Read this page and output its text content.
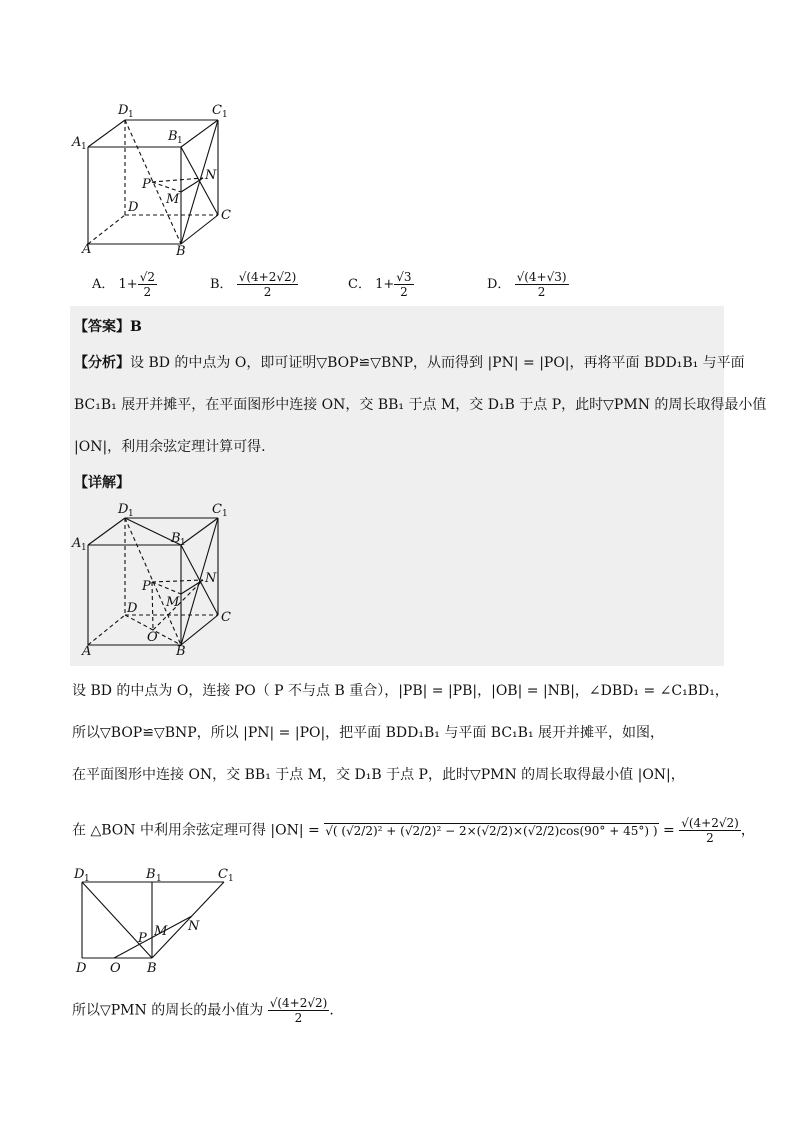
D 1	C 1
A 1
B 1
P
N
M
D
C
A	B
A． $1+ \frac{√2}{2}$	B． $\frac{√(4+2√2)}{2}$	C． $1+ \frac{√3}{2}$	D． $\frac{√(4+√3)}{2}$
【答案】B
【分析】设 BD 的中点为 O，即可证明▽BOP≌▽BNP，从而得到 |PN| = |PO|，再将平面 BDD₁B₁ 与平面
BC₁B₁ 展开并摊平，在平面图形中连接 ON，交 BB₁ 于点 M，交 D₁B 于点 P，此时▽PMN 的周长取得最小值
|ON|，利用余弦定理计算可得.
【详解】
D 1	C 1
A 1
B 1
P
N
M
D
C
O
A	B
设 BD 的中点为 O，连接 PO（ P 不与点 B 重合），|PB| = |PB|，|OB| = |NB|，∠DBD₁ = ∠C₁BD₁，
所以▽BOP≌▽BNP，所以 |PN| = |PO|，把平面 BDD₁B₁ 与平面 BC₁B₁ 展开并摊平，如图，
在平面图形中连接 ON，交 BB₁ 于点 M，交 D₁B 于点 P，此时▽PMN 的周长取得最小值 |ON|，
在 △BON 中利用余弦定理可得 |ON| = √( (√2/2)² + (√2/2)² − 2×(√2/2)×(√2/2)cos(90° + 45°) ) = $\frac{√(4+2√2)}{2}$ ，
D 1	B 1	C 1
M N
P
D O B
所以▽PMN 的周长的最小值为 $\frac{√(4+2√2)}{2}$ .
